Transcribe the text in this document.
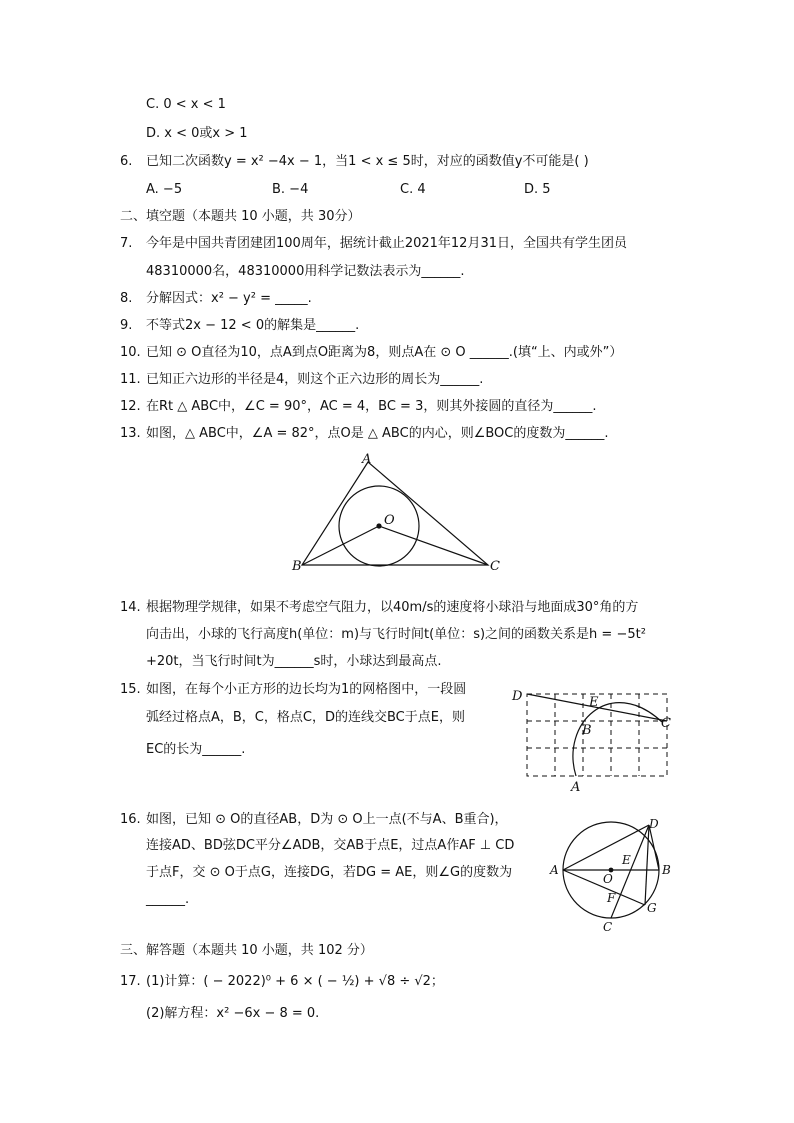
C. 0 < x < 1
D. x < 0或x > 1
6. 已知二次函数y = x² −4x − 1，当1 < x ≤ 5时，对应的函数值y不可能是( )
A. −5	B. −4	C. 4	D. 5
二、填空题（本题共 10 小题，共 30分）
7. 今年是中国共青团建团100周年，据统计截止2021年12月31日，全国共有学生团员
48310000名，48310000用科学记数法表示为______.
8. 分解因式：x² − y² = _____.
9. 不等式2x − 12 < 0的解集是______.
10. 已知 ⊙ O直径为10，点A到点O距离为8，则点A在 ⊙ O ______.(填“上、内或外”）
11. 已知正六边形的半径是4，则这个正六边形的周长为______.
12. 在Rt △ ABC中，∠C = 90°，AC = 4，BC = 3，则其外接圆的直径为______.
13. 如图，△ ABC中，∠A = 82°，点O是 △ ABC的内心，则∠BOC的度数为______.
A
O
B	C
14. 根据物理学规律，如果不考虑空气阻力，以40m/s的速度将小球沿与地面成30°角的方
向击出，小球的飞行高度h(单位：m)与飞行时间t(单位：s)之间的函数关系是h = −5t²
+20t，当飞行时间t为______s时，小球达到最高点.
15. 如图，在每个小正方形的边长均为1的网格图中，一段圆
弧经过格点A，B，C，格点C，D的连线交BC于点E，则
EC的长为______.
D	E
C
B
A
16. 如图，已知 ⊙ O的直径AB，D为 ⊙ O上一点(不与A、B重合)，
连接AD、BD弦DC平分∠ADB，交AB于点E，过点A作AF ⊥ CD
于点F，交 ⊙ O于点G，连接DG，若DG = AE，则∠G的度数为
______.
D
E
B
A
O
F
G
C
三、解答题（本题共 10 小题，共 102 分）
17. (1)计算：( − 2022)⁰ + 6 × ( − ½) + √8 ÷ √2；
(2)解方程：x² −6x − 8 = 0.
